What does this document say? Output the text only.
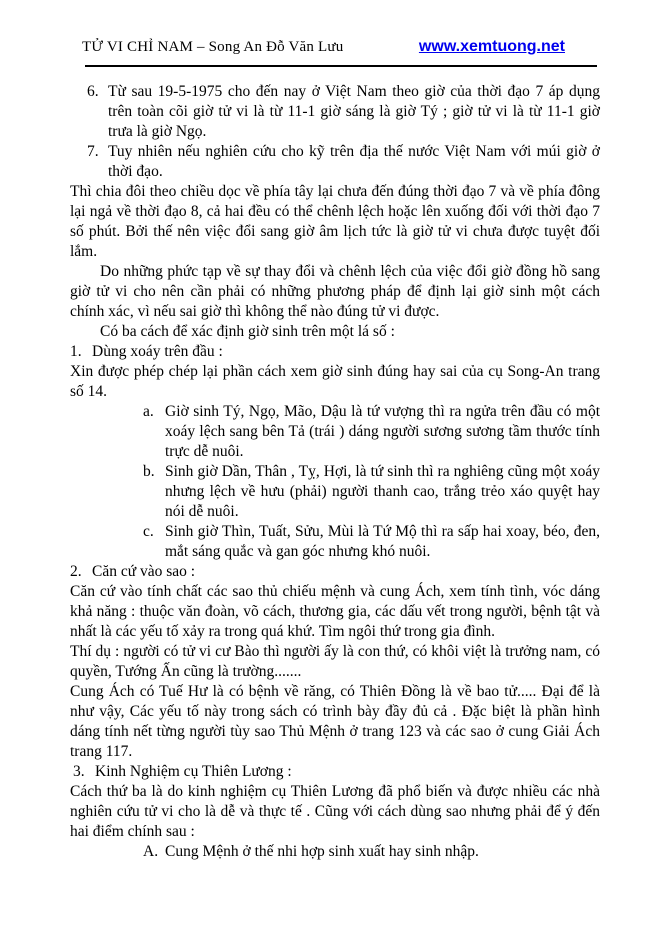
TỬ VI CHỈ NAM – Song An Đỗ Văn Lưu	www.xemtuong.net
6. Từ sau 19-5-1975 cho đến nay ở Việt Nam theo giờ của thời đạo 7 áp dụng trên toàn cõi giờ tử vi là từ 11-1 giờ sáng là giờ Tý ; giờ tử vi là từ 11-1 giờ trưa là giờ Ngọ.
7. Tuy nhiên nếu nghiên cứu cho kỹ trên địa thế nước Việt Nam với múi giờ ở thời đạo.
Thì chia đôi theo chiều dọc về phía tây lại chưa đến đúng thời đạo 7 và về phía đông lại ngả về thời đạo 8, cả hai đều có thể chênh lệch hoặc lên xuống đối với thời đạo 7 số phút. Bởi thế nên việc đổi sang giờ âm lịch tức là giờ tử vi chưa được tuyệt đối lắm.
Do những phức tạp về sự thay đổi và chênh lệch của việc đổi giờ đồng hồ sang giờ tử vi cho nên cần phải có những phương pháp để định lại giờ sinh một cách chính xác, vì nếu sai giờ thì không thể nào đúng tử vi được.
Có ba cách để xác định giờ sinh trên một lá số :
1. Dùng xoáy trên đầu :
Xin được phép chép lại phần cách xem giờ sinh đúng hay sai của cụ Song-An trang số 14.
a. Giờ sinh Tý, Ngọ, Mão, Dậu là tứ vượng thì ra ngửa trên đầu có một xoáy lệch sang bên Tả (trái ) dáng người sương sương tầm thước tính trực dễ nuôi.
b. Sinh giờ Dần, Thân , Tỵ, Hợi, là tứ sinh thì ra nghiêng cũng một xoáy nhưng lệch về hưu (phải) người thanh cao, trắng trẻo xáo quyệt hay nói dễ nuôi.
c. Sinh giờ Thìn, Tuất, Sửu, Mùi là Tứ Mộ thì ra sấp hai xoay, béo, đen, mắt sáng quắc và gan góc nhưng khó nuôi.
2. Căn cứ vào sao :
Căn cứ vào tính chất các sao thủ chiếu mệnh và cung Ách, xem tính tình, vóc dáng khả năng : thuộc văn đoàn, võ cách, thương gia, các dấu vết trong người, bệnh tật và nhất là các yếu tố xảy ra trong quá khứ. Tìm ngôi thứ trong gia đình.
Thí dụ : người có tử vi cư Bào thì người ấy là con thứ, có khôi việt là trưởng nam, có quyền, Tướng Ấn cũng là trường.......
Cung Ách có Tuế Hư là có bệnh về răng, có Thiên Đồng là về bao tử..... Đại để là như vậy, Các yếu tố này trong sách có trình bày đầy đủ cả . Đặc biệt là phần hình dáng tính nết từng người tùy sao Thủ Mệnh ở trang 123 và các sao ở cung Giải Ách trang 117.
3. Kinh Nghiệm cụ Thiên Lương :
Cách thứ ba là do kinh nghiệm cụ Thiên Lương đã phổ biến và được nhiều các nhà nghiên cứu tử vi cho là dễ và thực tế . Cũng với cách dùng sao nhưng phải để ý đến hai điểm chính sau :
A. Cung Mệnh ở thế nhi hợp sinh xuất hay sinh nhập.
